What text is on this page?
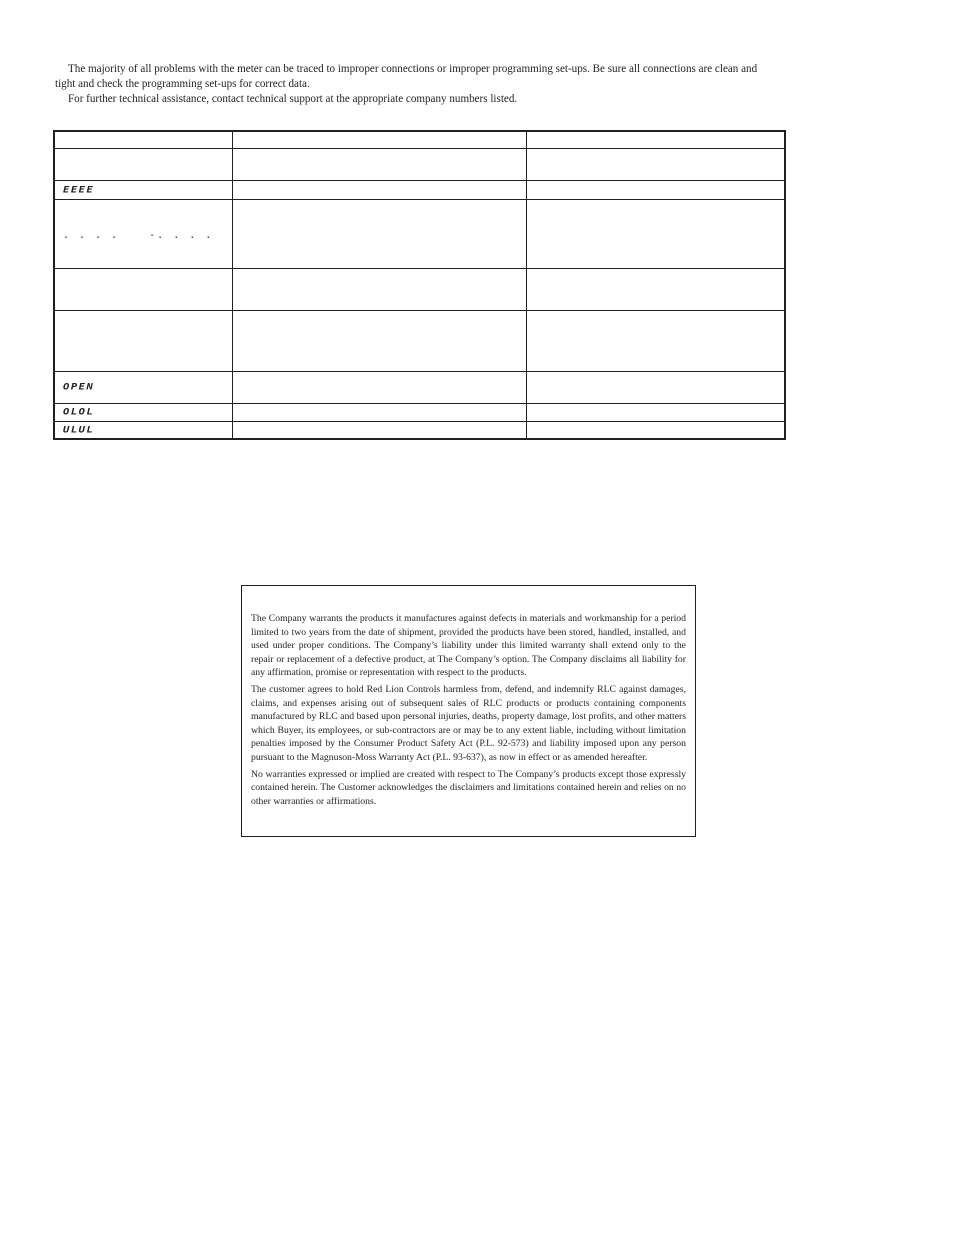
The majority of all problems with the meter can be traced to improper connections or improper programming set-ups. Be sure all connections are clean and tight and check the programming set-ups for correct data.

For further technical assistance, contact technical support at the appropriate company numbers listed.

EEEE		
. . . . -. . . .		

OPEN		
OLOL		
ULUL		

The Company warrants the products it manufactures against defects in materials and workmanship for a period limited to two years from the date of shipment, provided the products have been stored, handled, installed, and used under proper conditions. The Company’s liability under this limited warranty shall extend only to the repair or replacement of a defective product, at The Company’s option. The Company disclaims all liability for any affirmation, promise or representation with respect to the products.

The customer agrees to hold Red Lion Controls harmless from, defend, and indemnify RLC against damages, claims, and expenses arising out of subsequent sales of RLC products or products containing components manufactured by RLC and based upon personal injuries, deaths, property damage, lost profits, and other matters which Buyer, its employees, or sub-contractors are or may be to any extent liable, including without limitation penalties imposed by the Consumer Product Safety Act (P.L. 92-573) and liability imposed upon any person pursuant to the Magnuson-Moss Warranty Act (P.L. 93-637), as now in effect or as amended hereafter.

No warranties expressed or implied are created with respect to The Company’s products except those expressly contained herein. The Customer acknowledges the disclaimers and limitations contained herein and relies on no other warranties or affirmations.
